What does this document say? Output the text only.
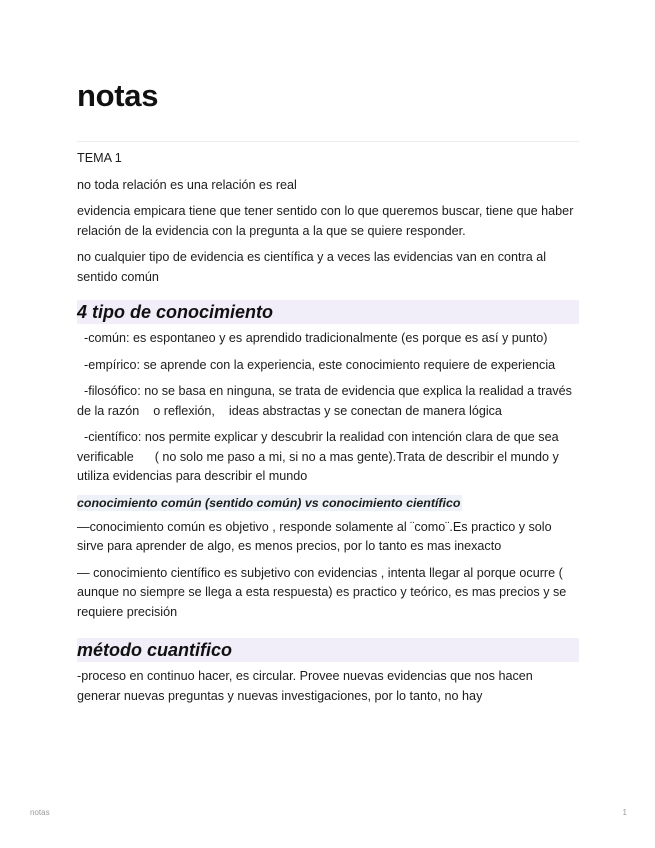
notas

TEMA 1

no toda relación es una relación es real

evidencia empicara tiene que tener sentido con lo que queremos buscar, tiene que haber relación de la evidencia con la pregunta a la que se quiere responder.

no cualquier tipo de evidencia es científica y a veces las evidencias van en contra al sentido común

4 tipo de conocimiento

-común: es espontaneo y es aprendido tradicionalmente (es porque es así y punto)

-empírico: se aprende con la experiencia, este conocimiento requiere de experiencia

-filosófico: no se basa en ninguna, se trata de evidencia que explica la realidad a través de la razón    o reflexión,    ideas abstractas y se conectan de manera lógica

-científico: nos permite explicar y descubrir la realidad con intención clara de que sea verificable      ( no solo me paso a mi, si no a mas gente).Trata de describir el mundo y utiliza evidencias para describir el mundo

conocimiento común (sentido común) vs conocimiento científico

—conocimiento común es objetivo , responde solamente al ¨como¨.Es practico y solo sirve para aprender de algo, es menos precios, por lo tanto es mas inexacto

— conocimiento científico es subjetivo con evidencias , intenta llegar al porque ocurre ( aunque no siempre se llega a esta respuesta) es practico y teórico, es mas precios y se requiere precisión

método cuantifico

-proceso en continuo hacer, es circular. Provee nuevas evidencias que nos hacen generar nuevas preguntas y nuevas investigaciones, por lo tanto, no hay

notas	1
